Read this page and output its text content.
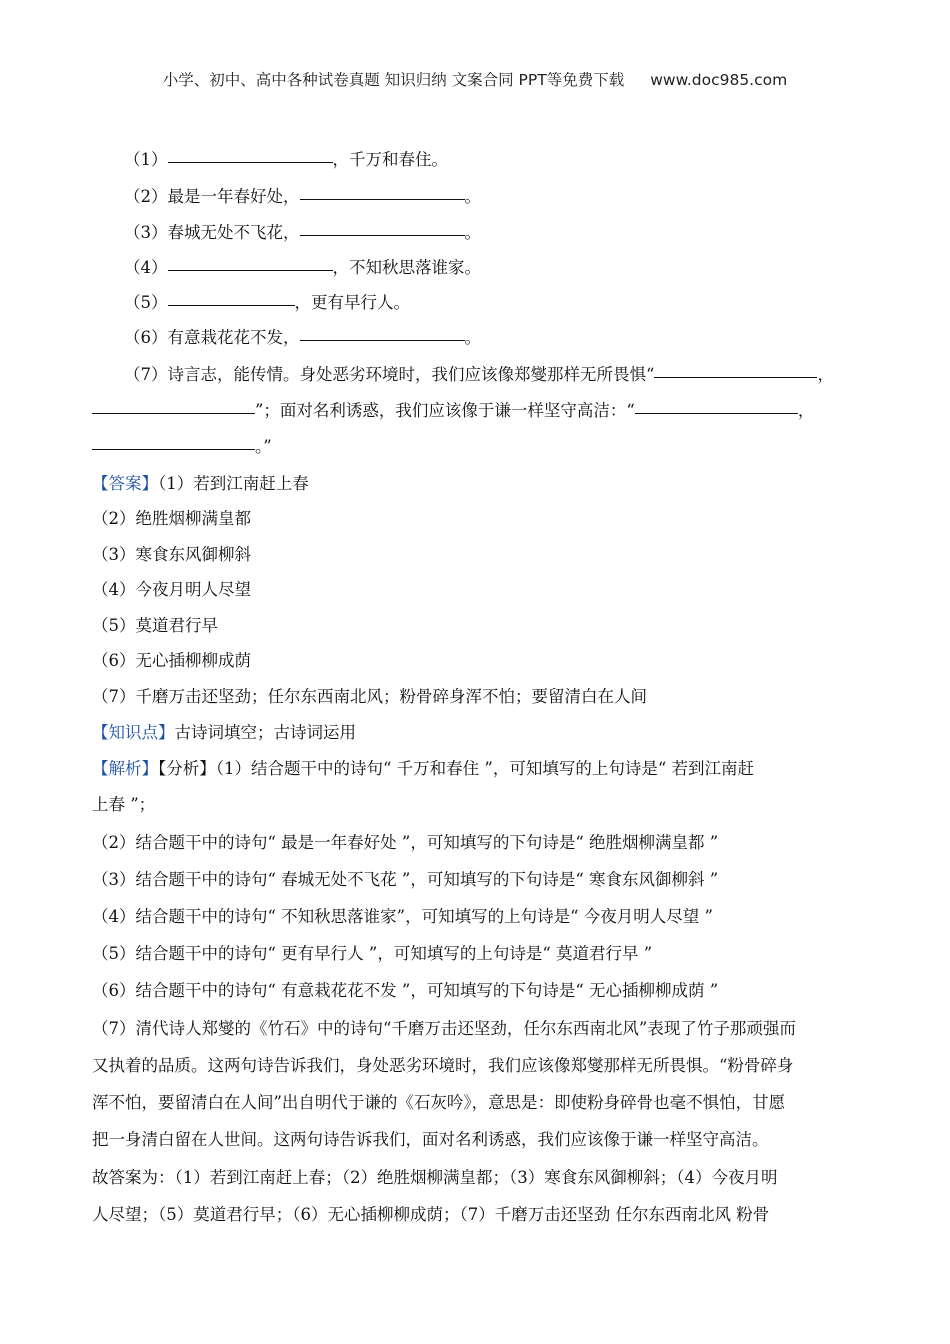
小学、初中、高中各种试卷真题 知识归纳 文案合同 PPT等免费下载 www.doc985.com
（1）	，千万和春住。
（2）最是一年春好处，	。
（3）春城无处不飞花，	。
（4）	，不知秋思落谁家。
（5）	，更有早行人。
（6）有意栽花花不发，	。
（7）诗言志，能传情。身处恶劣环境时，我们应该像郑燮那样无所畏惧“	，
”；面对名利诱惑，我们应该像于谦一样坚守高洁：“	，
。”
【答案】（1）若到江南赶上春
（2）绝胜烟柳满皇都
（3）寒食东风御柳斜
（4）今夜月明人尽望
（5）莫道君行早
（6）无心插柳柳成荫
（7）千磨万击还坚劲；任尔东西南北风；粉骨碎身浑不怕；要留清白在人间
【知识点】古诗词填空；古诗词运用
【解析】【分析】（1）结合题干中的诗句“ 千万和春住 ”，可知填写的上句诗是“ 若到江南赶
上春 ”；
（2）结合题干中的诗句“ 最是一年春好处 ”，可知填写的下句诗是“ 绝胜烟柳满皇都 ”
（3）结合题干中的诗句“ 春城无处不飞花 ”，可知填写的下句诗是“ 寒食东风御柳斜 ”
（4）结合题干中的诗句“ 不知秋思落谁家”，可知填写的上句诗是“ 今夜月明人尽望 ”
（5）结合题干中的诗句“ 更有早行人 ”，可知填写的上句诗是“ 莫道君行早 ”
（6）结合题干中的诗句“ 有意栽花花不发 ”，可知填写的下句诗是“ 无心插柳柳成荫 ”
（7）清代诗人郑燮的《竹石》中的诗句“千磨万击还坚劲，任尔东西南北风”表现了竹子那顽强而
又执着的品质。这两句诗告诉我们，身处恶劣环境时，我们应该像郑燮那样无所畏惧。“粉骨碎身
浑不怕，要留清白在人间”出自明代于谦的《石灰吟》，意思是：即使粉身碎骨也毫不惧怕，甘愿
把一身清白留在人世间。这两句诗告诉我们，面对名利诱惑，我们应该像于谦一样坚守高洁。
故答案为：（1）若到江南赶上春；（2）绝胜烟柳满皇都；（3）寒食东风御柳斜；（4）今夜月明
人尽望；（5）莫道君行早；（6）无心插柳柳成荫；（7）千磨万击还坚劲 任尔东西南北风 粉骨
